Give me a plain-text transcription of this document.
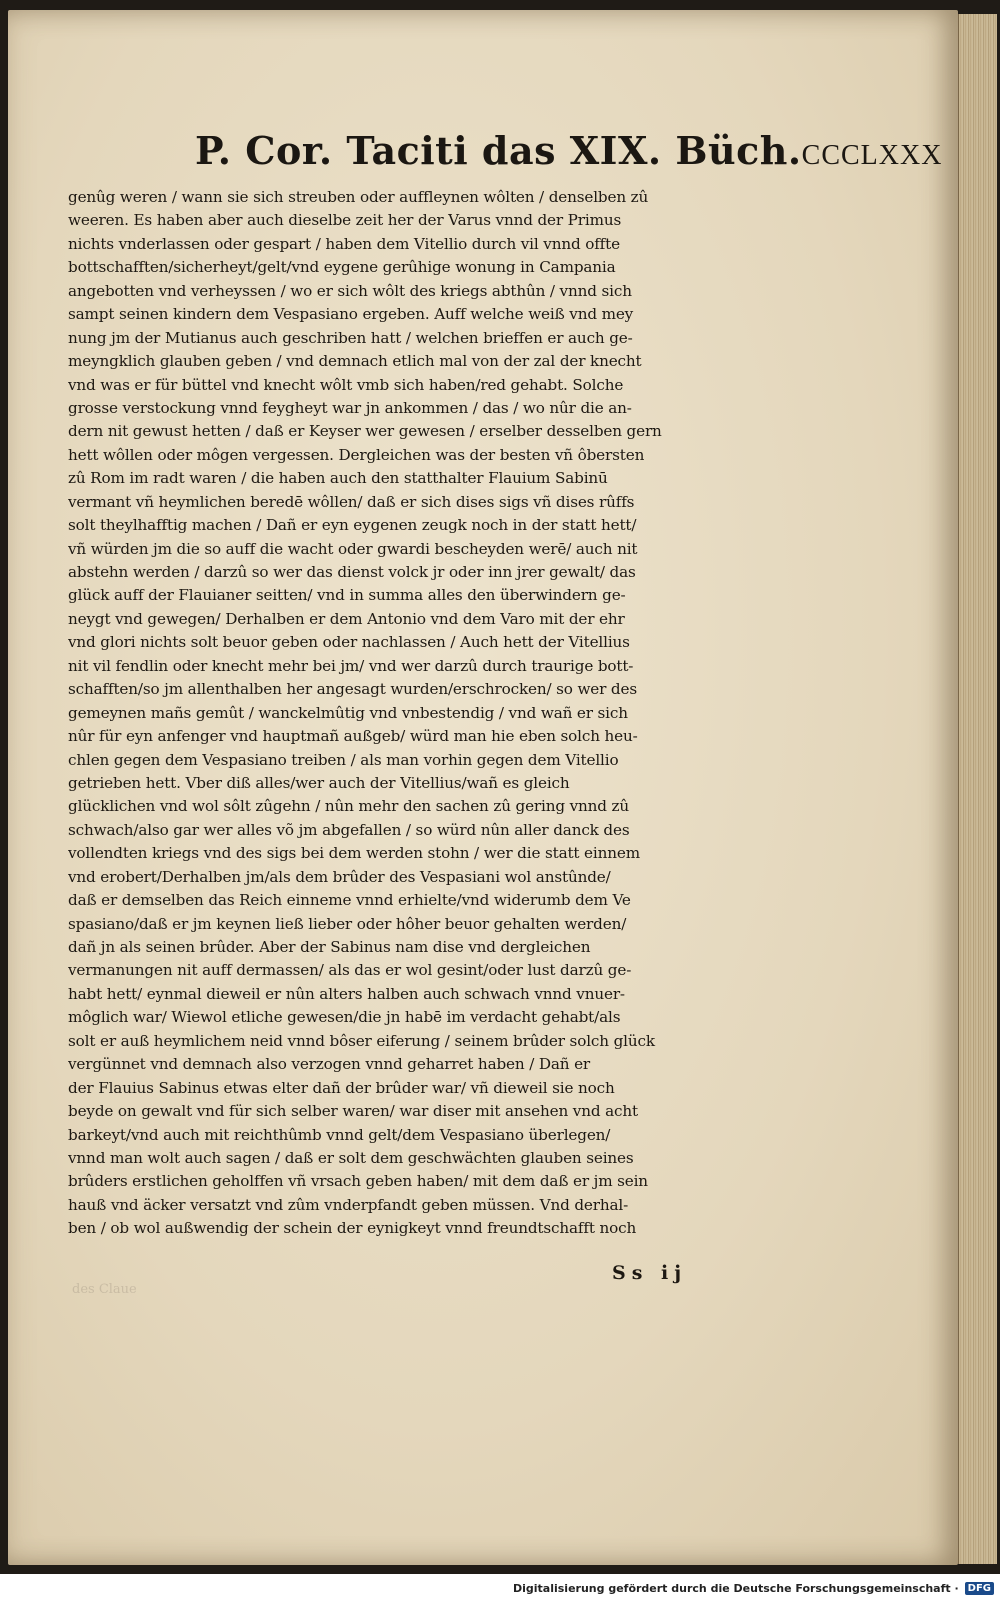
P. Cor. Taciti das XIX. Büch. CCCLXXX
genûg weren / wann sie sich streuben oder auffleynen wôlten / denselben zû
weeren. Es haben aber auch dieselbe zeit her der Varus vnnd der Primus
nichts vnderlassen oder gespart / haben dem Vitellio durch vil vnnd offte
bottschafften/sicherheyt/gelt/vnd eygene gerûhige wonung in Campania
angebotten vnd verheyssen / wo er sich wôlt des kriegs abthûn / vnnd sich
sampt seinen kindern dem Vespasiano ergeben. Auff welche weiß vnd mey
nung jm der Mutianus auch geschriben hatt / welchen brieffen er auch ge-
meyngklich glauben geben / vnd demnach etlich mal von der zal der knecht
vnd was er für büttel vnd knecht wôlt vmb sich haben/red gehabt. Solche
grosse verstockung vnnd feygheyt war jn ankommen / das / wo nûr die an-
dern nit gewust hetten / daß er Keyser wer gewesen / erselber desselben gern
hett wôllen oder môgen vergessen. Dergleichen was der besten vñ ôbersten
zû Rom im radt waren / die haben auch den statthalter Flauium Sabinū
vermant vñ heymlichen beredē wôllen/ daß er sich dises sigs vñ dises rûffs
solt theylhafftig machen / Dañ er eyn eygenen zeugk noch in der statt hett/
vñ würden jm die so auff die wacht oder gwardi bescheyden werē/ auch nit
abstehn werden / darzû so wer das dienst volck jr oder inn jrer gewalt/ das
glück auff der Flauianer seitten/ vnd in summa alles den überwindern ge-
neygt vnd gewegen/ Derhalben er dem Antonio vnd dem Varo mit der ehr
vnd glori nichts solt beuor geben oder nachlassen / Auch hett der Vitellius
nit vil fendlin oder knecht mehr bei jm/ vnd wer darzû durch traurige bott-
schafften/so jm allenthalben her angesagt wurden/erschrocken/ so wer des
gemeynen mañs gemût / wanckelmûtig vnd vnbestendig / vnd wañ er sich
nûr für eyn anfenger vnd hauptmañ außgeb/ würd man hie eben solch heu-
chlen gegen dem Vespasiano treiben / als man vorhin gegen dem Vitellio
getrieben hett. Vber diß alles/wer auch der Vitellius/wañ es gleich
glücklichen vnd wol sôlt zûgehn / nûn mehr den sachen zû gering vnnd zû
schwach/also gar wer alles võ jm abgefallen / so würd nûn aller danck des
vollendten kriegs vnd des sigs bei dem werden stohn / wer die statt einnem
vnd erobert/Derhalben jm/als dem brûder des Vespasiani wol anstûnde/
daß er demselben das Reich einneme vnnd erhielte/vnd widerumb dem Ve
spasiano/daß er jm keynen ließ lieber oder hôher beuor gehalten werden/
dañ jn als seinen brûder. Aber der Sabinus nam dise vnd dergleichen
vermanungen nit auff dermassen/ als das er wol gesint/oder lust darzû ge-
habt hett/ eynmal dieweil er nûn alters halben auch schwach vnnd vnuer-
môglich war/ Wiewol etliche gewesen/die jn habē im verdacht gehabt/als
solt er auß heymlichem neid vnnd bôser eiferung / seinem brûder solch glück
vergünnet vnd demnach also verzogen vnnd geharret haben / Dañ er
der Flauius Sabinus etwas elter dañ der brûder war/ vñ dieweil sie noch
beyde on gewalt vnd für sich selber waren/ war diser mit ansehen vnd acht
barkeyt/vnd auch mit reichthûmb vnnd gelt/dem Vespasiano überlegen/
vnnd man wolt auch sagen / daß er solt dem geschwächten glauben seines
brûders erstlichen geholffen vñ vrsach geben haben/ mit dem daß er jm sein
hauß vnd äcker versatzt vnd zûm vnderpfandt geben müssen. Vnd derhal-
ben / ob wol außwendig der schein der eynigkeyt vnnd freundtschafft noch
Ss ij
des Claue
Digitalisierung gefördert durch die Deutsche Forschungsgemeinschaft · DFG
